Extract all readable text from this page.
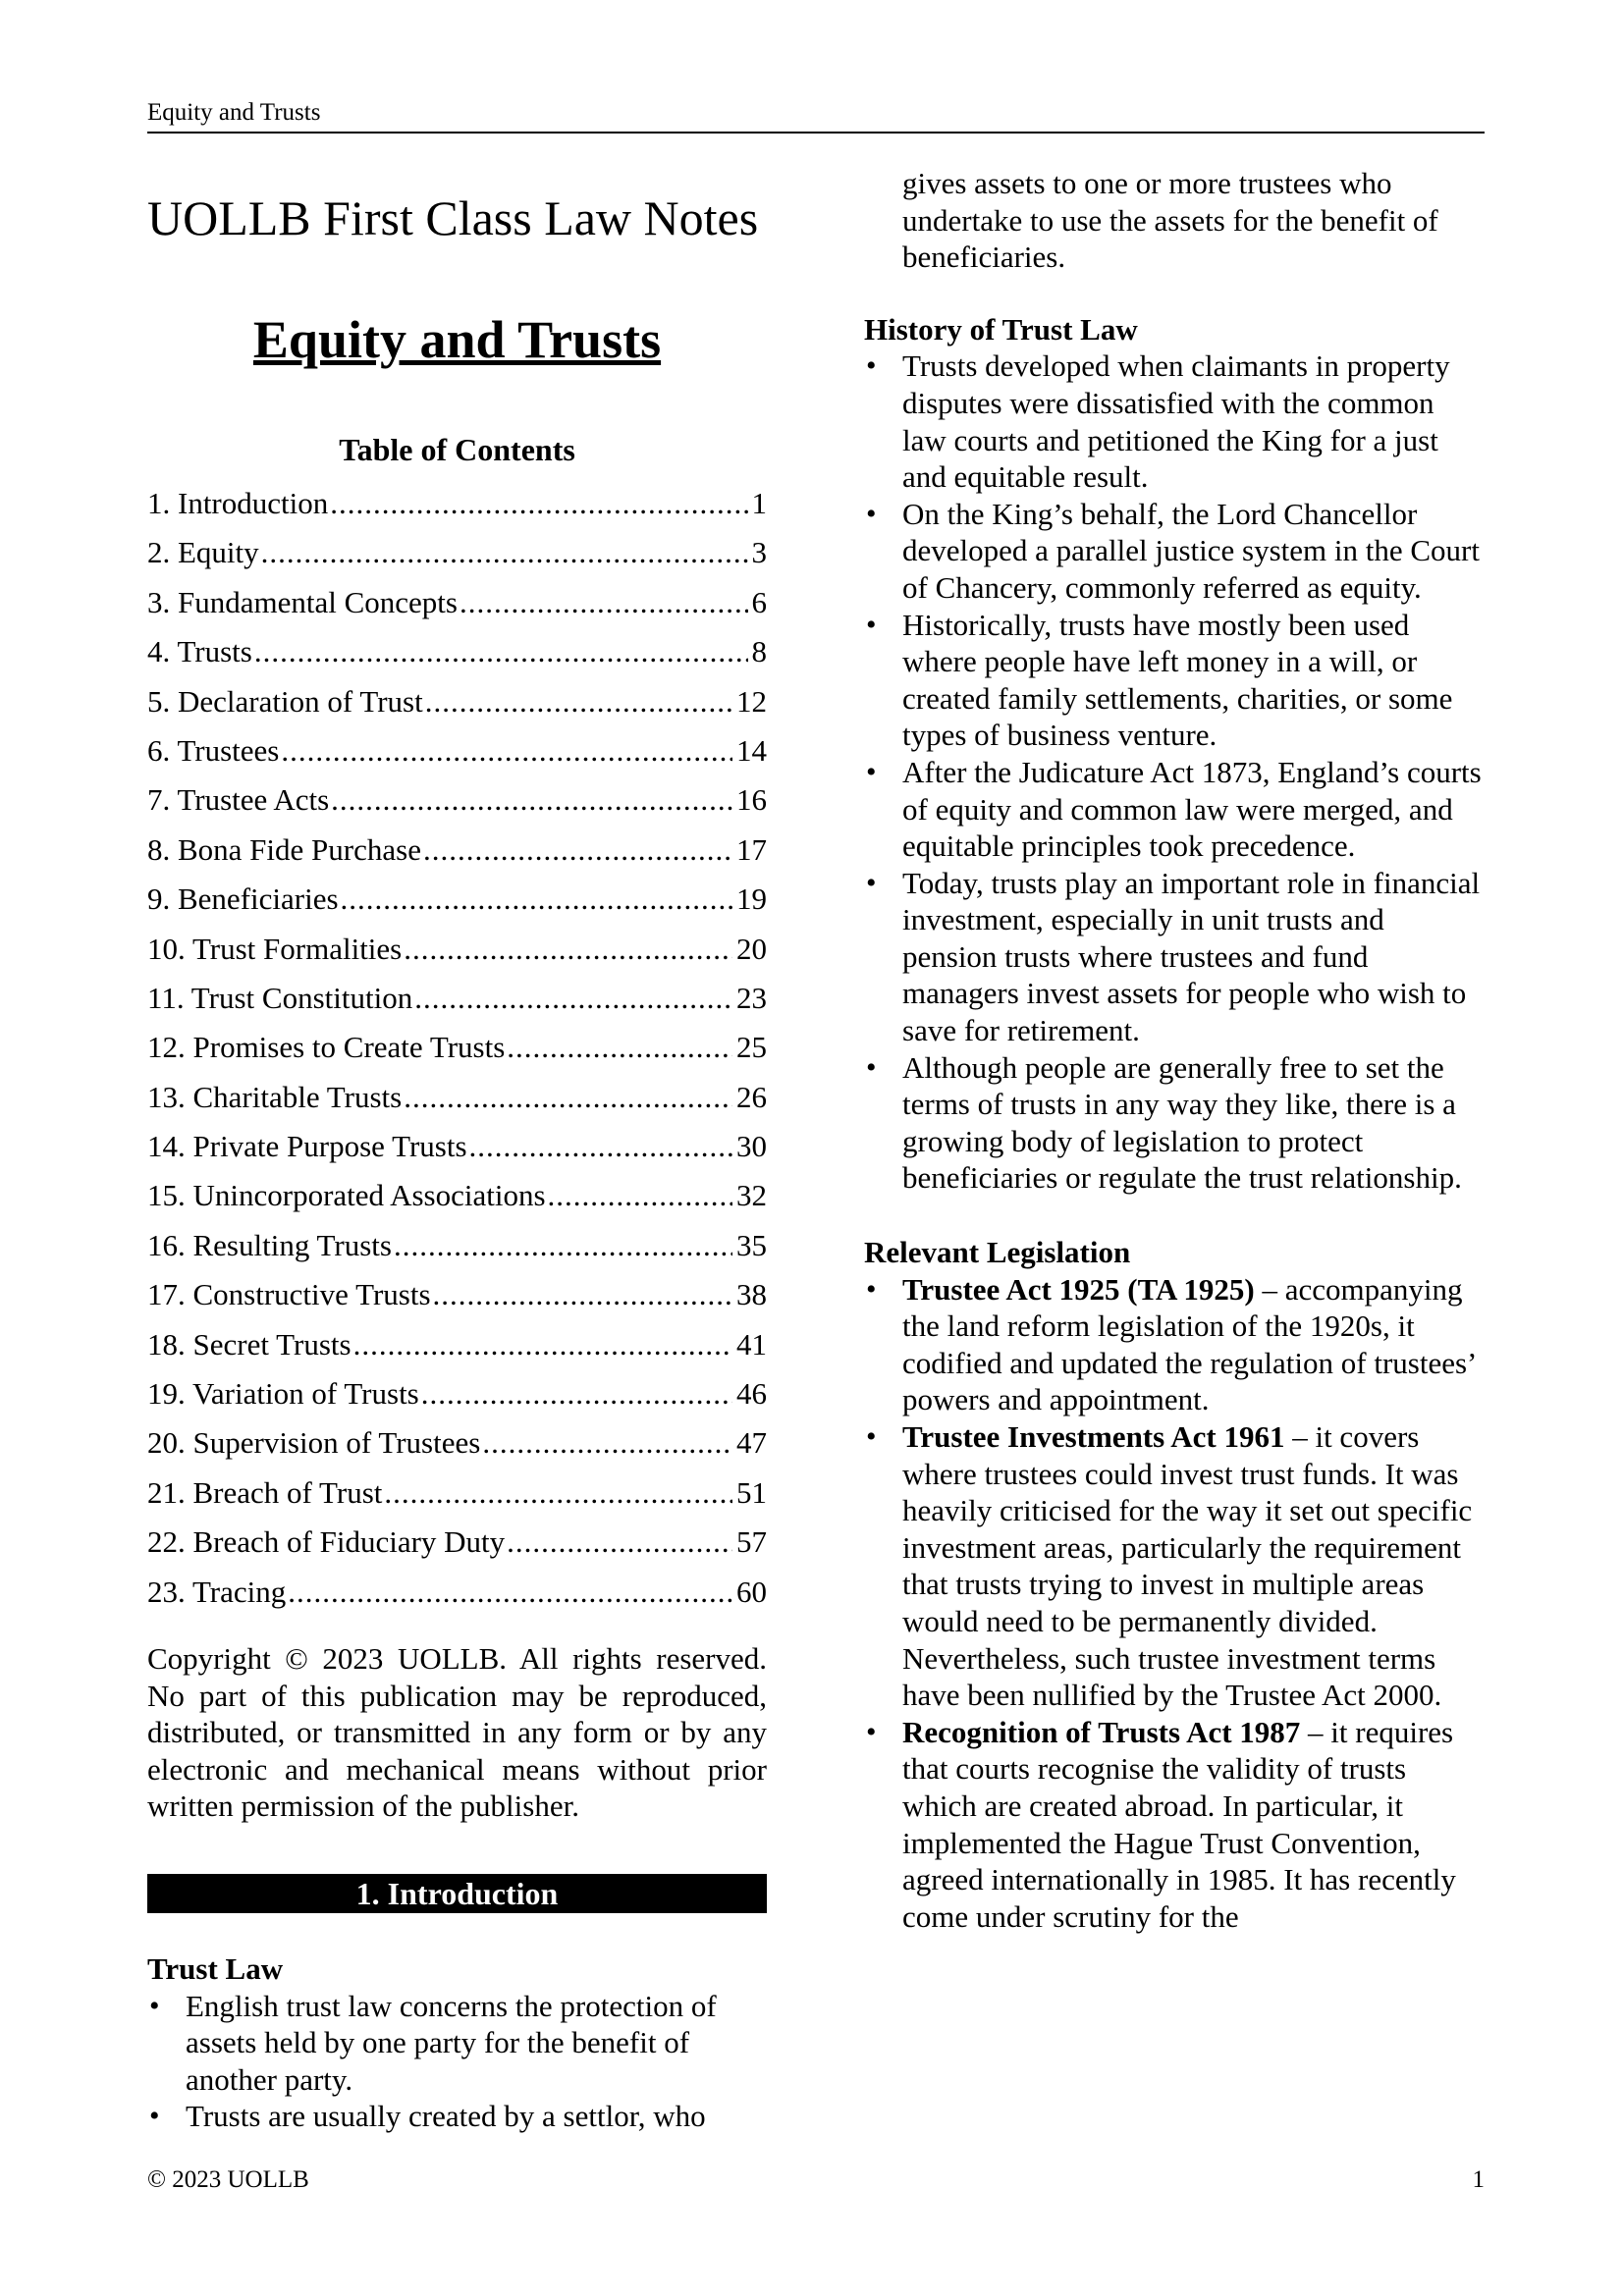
Equity and Trusts
UOLLB First Class Law Notes
Equity and Trusts
Table of Contents
1. Introduction .....	1
2. Equity .....	3
3. Fundamental Concepts .....	6
4. Trusts .....	8
5. Declaration of Trust .....	12
6. Trustees .....	14
7. Trustee Acts .....	16
8. Bona Fide Purchase .....	17
9. Beneficiaries .....	19
10. Trust Formalities .....	20
11. Trust Constitution .....	23
12. Promises to Create Trusts .....	25
13. Charitable Trusts .....	26
14. Private Purpose Trusts .....	30
15. Unincorporated Associations .....	32
16. Resulting Trusts .....	35
17. Constructive Trusts .....	38
18. Secret Trusts .....	41
19. Variation of Trusts .....	46
20. Supervision of Trustees .....	47
21. Breach of Trust .....	51
22. Breach of Fiduciary Duty .....	57
23. Tracing .....	60
Copyright © 2023 UOLLB. All rights reserved. No part of this publication may be reproduced, distributed, or transmitted in any form or by any electronic and mechanical means without prior written permission of the publisher.
1. Introduction
Trust Law
• English trust law concerns the protection of assets held by one party for the benefit of another party.
• Trusts are usually created by a settlor, who
gives assets to one or more trustees who undertake to use the assets for the benefit of beneficiaries.
History of Trust Law
• Trusts developed when claimants in property disputes were dissatisfied with the common law courts and petitioned the King for a just and equitable result.
• On the King’s behalf, the Lord Chancellor developed a parallel justice system in the Court of Chancery, commonly referred as equity.
• Historically, trusts have mostly been used where people have left money in a will, or created family settlements, charities, or some types of business venture.
• After the Judicature Act 1873, England’s courts of equity and common law were merged, and equitable principles took precedence.
• Today, trusts play an important role in financial investment, especially in unit trusts and pension trusts where trustees and fund managers invest assets for people who wish to save for retirement.
• Although people are generally free to set the terms of trusts in any way they like, there is a growing body of legislation to protect beneficiaries or regulate the trust relationship.
Relevant Legislation
• Trustee Act 1925 (TA 1925) – accompanying the land reform legislation of the 1920s, it codified and updated the regulation of trustees’ powers and appointment.
• Trustee Investments Act 1961 – it covers where trustees could invest trust funds. It was heavily criticised for the way it set out specific investment areas, particularly the requirement that trusts trying to invest in multiple areas would need to be permanently divided. Nevertheless, such trustee investment terms have been nullified by the Trustee Act 2000.
• Recognition of Trusts Act 1987 – it requires that courts recognise the validity of trusts which are created abroad. In particular, it implemented the Hague Trust Convention, agreed internationally in 1985. It has recently come under scrutiny for the
© 2023 UOLLB	1
